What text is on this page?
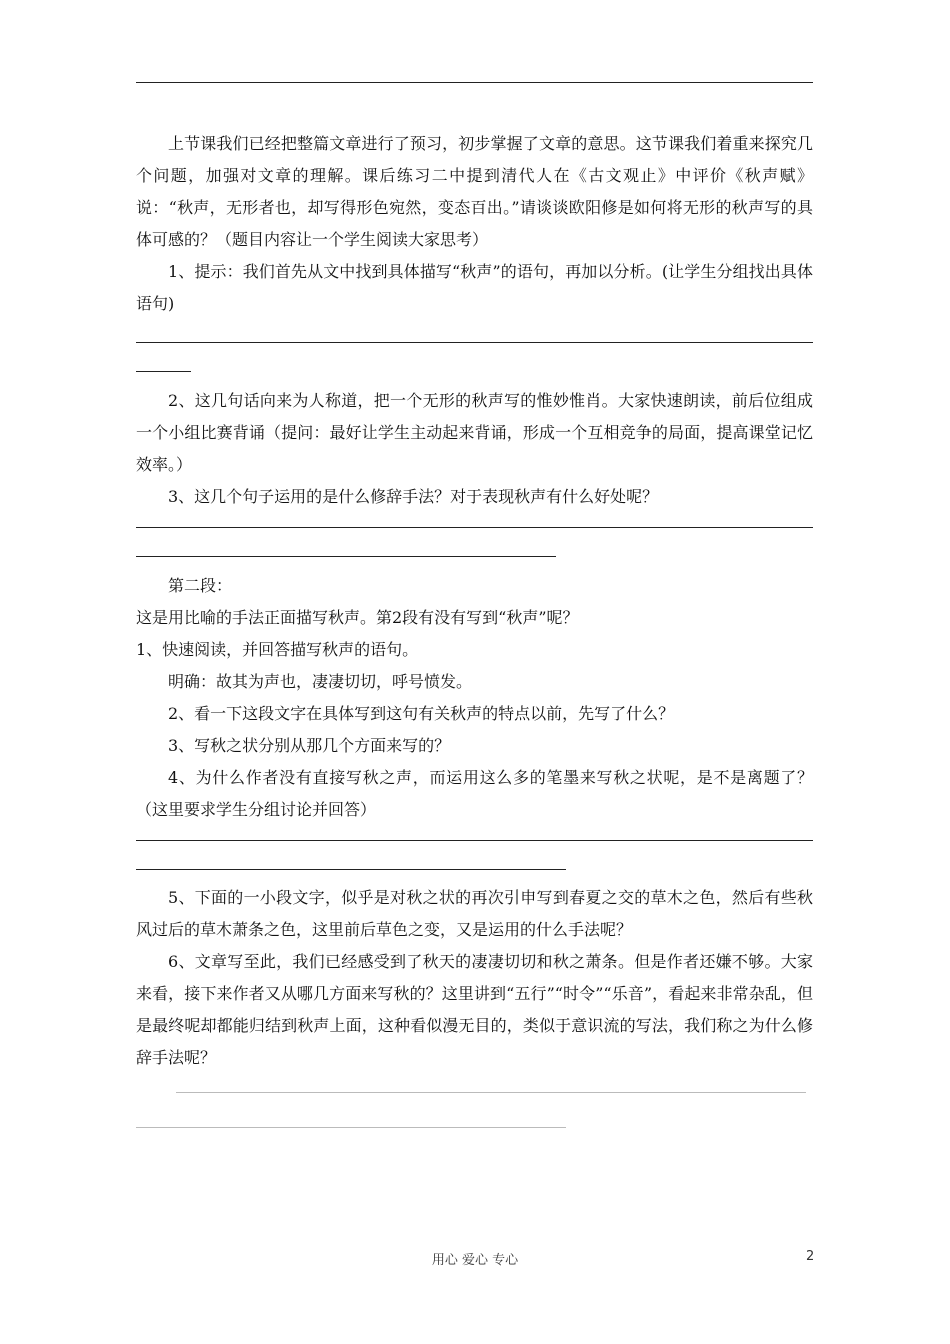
上节课我们已经把整篇文章进行了预习，初步掌握了文章的意思。这节课我们着重来探究几个问题，加强对文章的理解。课后练习二中提到清代人在《古文观止》中评价《秋声赋》说：“秋声，无形者也，却写得形色宛然，变态百出。”请谈谈欧阳修是如何将无形的秋声写的具体可感的？（题目内容让一个学生阅读大家思考）

1、提示：我们首先从文中找到具体描写“秋声”的语句，再加以分析。(让学生分组找出具体语句)

2、这几句话向来为人称道，把一个无形的秋声写的惟妙惟肖。大家快速朗读，前后位组成一个小组比赛背诵（提问：最好让学生主动起来背诵，形成一个互相竞争的局面，提高课堂记忆效率。）

3、这几个句子运用的是什么修辞手法？对于表现秋声有什么好处呢？

第二段：

这是用比喻的手法正面描写秋声。第2段有没有写到“秋声”呢？

1、快速阅读，并回答描写秋声的语句。

明确：故其为声也，凄凄切切，呼号愤发。

2、看一下这段文字在具体写到这句有关秋声的特点以前，先写了什么？

3、写秋之状分别从那几个方面来写的？

4、为什么作者没有直接写秋之声，而运用这么多的笔墨来写秋之状呢，是不是离题了？（这里要求学生分组讨论并回答）

5、下面的一小段文字，似乎是对秋之状的再次引申写到春夏之交的草木之色，然后有些秋风过后的草木萧条之色，这里前后草色之变，又是运用的什么手法呢？

6、文章写至此，我们已经感受到了秋天的凄凄切切和秋之萧条。但是作者还嫌不够。大家来看，接下来作者又从哪几方面来写秋的？这里讲到“五行”“时令”“乐音”，看起来非常杂乱，但是最终呢却都能归结到秋声上面，这种看似漫无目的，类似于意识流的写法，我们称之为什么修辞手法呢？

用心 爱心 专心	2
